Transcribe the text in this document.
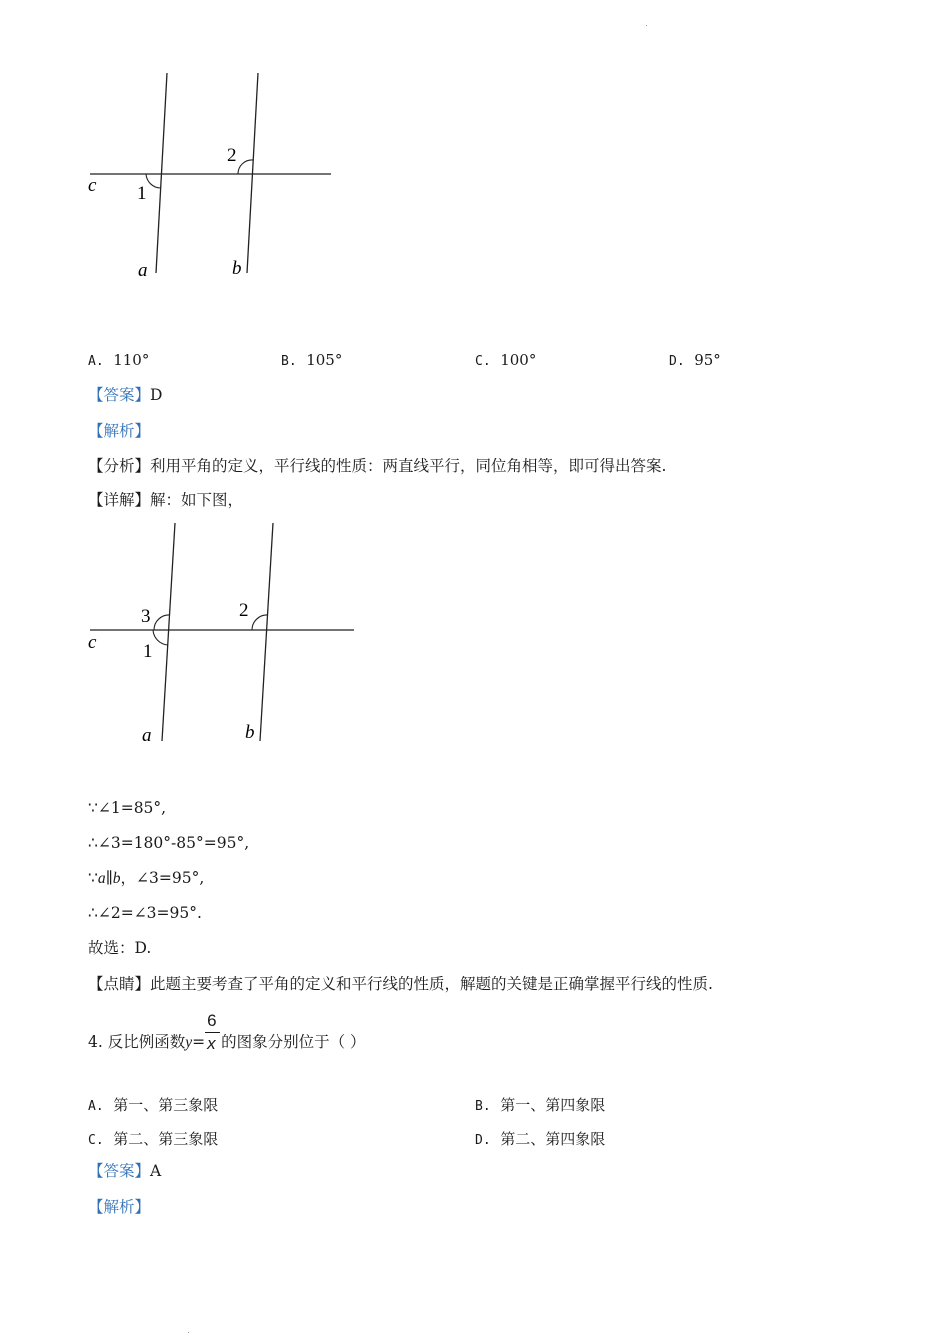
c 1
2
a	b
A. 110°	B. 105°	C. 100°	D. 95°
【答案】D
【解析】
【分析】利用平角的定义，平行线的性质：两直线平行，同位角相等，即可得出答案.
【详解】解：如下图，
c
3
1
2
a	b
∵∠1=85°,
∴∠3=180°-85°=95°,
∵a∥b，∠3=95°,
∴∠2=∠3=95°.
故选：D.
【点睛】此题主要考查了平角的定义和平行线的性质，解题的关键是正确掌握平行线的性质.
4. 反比例函数$y= \frac{6}{x}$ 的图象分别位于（ ）
A. 第一、第三象限	B. 第一、第四象限
C. 第二、第三象限	D. 第二、第四象限
【答案】A
【解析】
